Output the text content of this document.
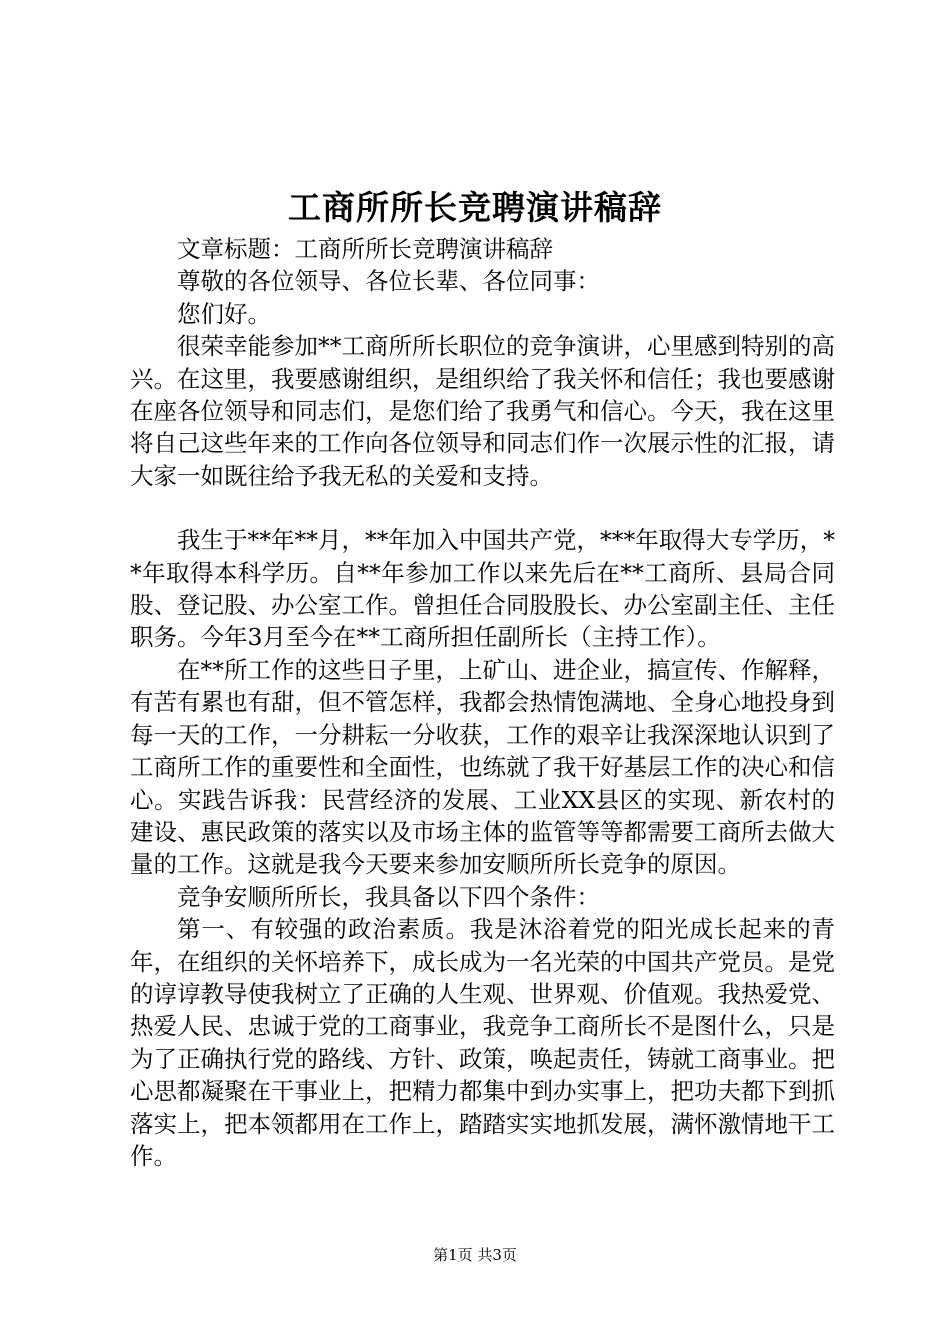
工商所所长竞聘演讲稿辞

文章标题：工商所所长竞聘演讲稿辞

尊敬的各位领导、各位长辈、各位同事：

您们好。

很荣幸能参加**工商所所长职位的竞争演讲，心里感到特别的高兴。在这里，我要感谢组织，是组织给了我关怀和信任；我也要感谢在座各位领导和同志们，是您们给了我勇气和信心。今天，我在这里将自己这些年来的工作向各位领导和同志们作一次展示性的汇报，请大家一如既往给予我无私的关爱和支持。

我生于**年**月，**年加入中国共产党，***年取得大专学历，**年取得本科学历。自**年参加工作以来先后在**工商所、县局合同股、登记股、办公室工作。曾担任合同股股长、办公室副主任、主任职务。今年3月至今在**工商所担任副所长（主持工作）。

在**所工作的这些日子里，上矿山、进企业，搞宣传、作解释，有苦有累也有甜，但不管怎样，我都会热情饱满地、全身心地投身到每一天的工作，一分耕耘一分收获，工作的艰辛让我深深地认识到了工商所工作的重要性和全面性，也练就了我干好基层工作的决心和信心。实践告诉我：民营经济的发展、工业XX县区的实现、新农村的建设、惠民政策的落实以及市场主体的监管等等都需要工商所去做大量的工作。这就是我今天要来参加安顺所所长竞争的原因。

竞争安顺所所长，我具备以下四个条件：

第一、有较强的政治素质。我是沐浴着党的阳光成长起来的青年，在组织的关怀培养下，成长成为一名光荣的中国共产党员。是党的谆谆教导使我树立了正确的人生观、世界观、价值观。我热爱党、热爱人民、忠诚于党的工商事业，我竞争工商所长不是图什么，只是为了正确执行党的路线、方针、政策，唤起责任，铸就工商事业。把心思都凝聚在干事业上，把精力都集中到办实事上，把功夫都下到抓落实上，把本领都用在工作上，踏踏实实地抓发展，满怀激情地干工作。

第1页 共3页
